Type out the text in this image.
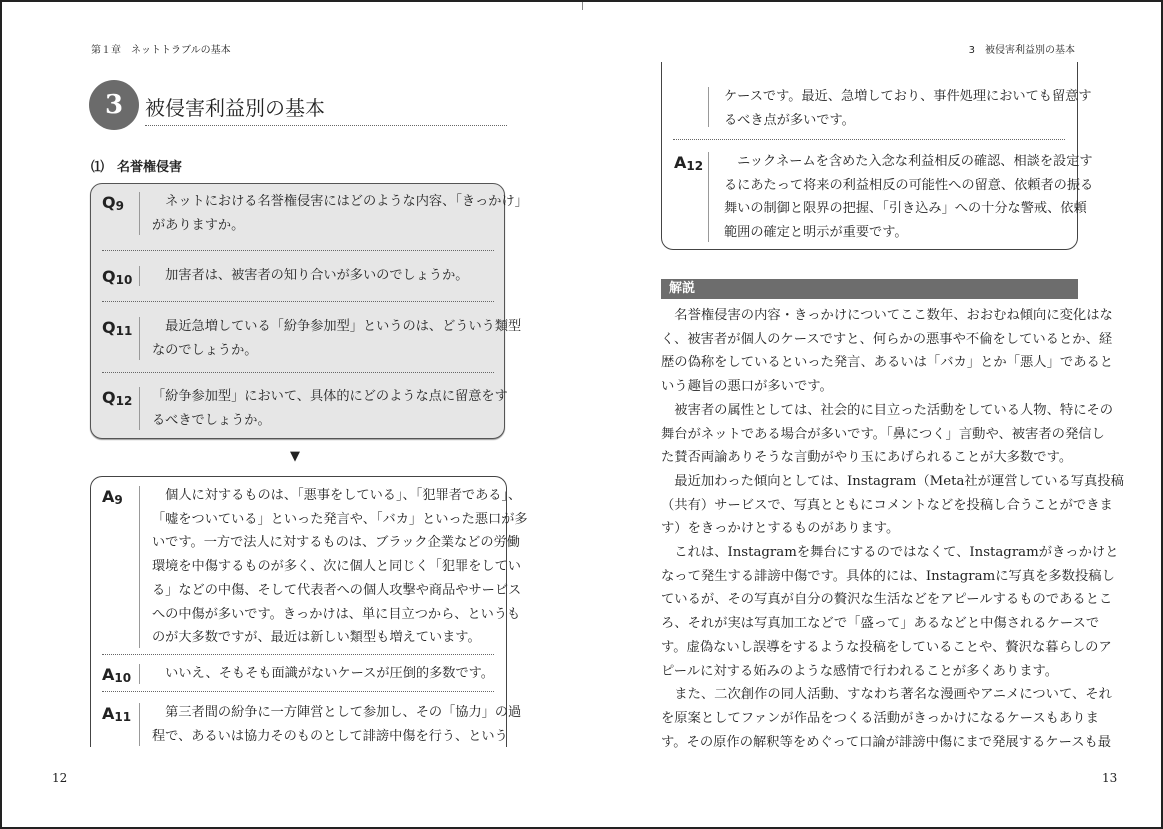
第１章　ネットトラブルの基本
3	被侵害利益別の基本
⑴　名誉権侵害
$Q_9$ 　ネットにおける名誉権侵害にはどのような内容、「きっかけ」
がありますか。
$Q_{10}$ 　加害者は、被害者の知り合いが多いのでしょうか。
$Q_{11}$ 　最近急増している「紛争参加型」というのは、どういう類型
なのでしょうか。
$Q_{12}$ 「紛争参加型」において、具体的にどのような点に留意をす
るべきでしょうか。
▼
$A_9$ 　個人に対するものは、「悪事をしている」、「犯罪者である」、
「嘘をついている」といった発言や、「バカ」といった悪口が多
いです。一方で法人に対するものは、ブラック企業などの労働
環境を中傷するものが多く、次に個人と同じく「犯罪をしてい
る」などの中傷、そして代表者への個人攻撃や商品やサービス
への中傷が多いです。きっかけは、単に目立つから、というも
のが大多数ですが、最近は新しい類型も増えています。
$A_{10}$ 　いいえ、そもそも面識がないケースが圧倒的多数です。
$A_{11}$ 　第三者間の紛争に一方陣営として参加し、その「協力」の過
程で、あるいは協力そのものとして誹謗中傷を行う、という
ケースです。最近、急増しており、事件処理においても留意す
るべき点が多いです。
$A_{12}$ 　ニックネームを含めた入念な利益相反の確認、相談を設定す
るにあたって将来の利益相反の可能性への留意、依頼者の振る
舞いの制御と限界の把握、「引き込み」への十分な警戒、依頼
範囲の確定と明示が重要です。
12
3　被侵害利益別の基本
解説
　名誉権侵害の内容・きっかけについてここ数年、おおむね傾向に変化はな
く、被害者が個人のケースですと、何らかの悪事や不倫をしているとか、経
歴の偽称をしているといった発言、あるいは「バカ」とか「悪人」であると
いう趣旨の悪口が多いです。
　被害者の属性としては、社会的に目立った活動をしている人物、特にその
舞台がネットである場合が多いです。「鼻につく」言動や、被害者の発信し
た賛否両論ありそうな言動がやり玉にあげられることが大多数です。
　最近加わった傾向としては、Instagram（Meta社が運営している写真投稿
（共有）サービスで、写真とともにコメントなどを投稿し合うことができま
す）をきっかけとするものがあります。
　これは、Instagramを舞台にするのではなくて、Instagramがきっかけと
なって発生する誹謗中傷です。具体的には、Instagramに写真を多数投稿し
ているが、その写真が自分の贅沢な生活などをアピールするものであるとこ
ろ、それが実は写真加工などで「盛って」あるなどと中傷されるケースで
す。虚偽ないし誤導をするような投稿をしていることや、贅沢な暮らしのア
ピールに対する妬みのような感情で行われることが多くあります。
　また、二次創作の同人活動、すなわち著名な漫画やアニメについて、それ
を原案としてファンが作品をつくる活動がきっかけになるケースもありま
す。その原作の解釈等をめぐって口論が誹謗中傷にまで発展するケースも最
13
